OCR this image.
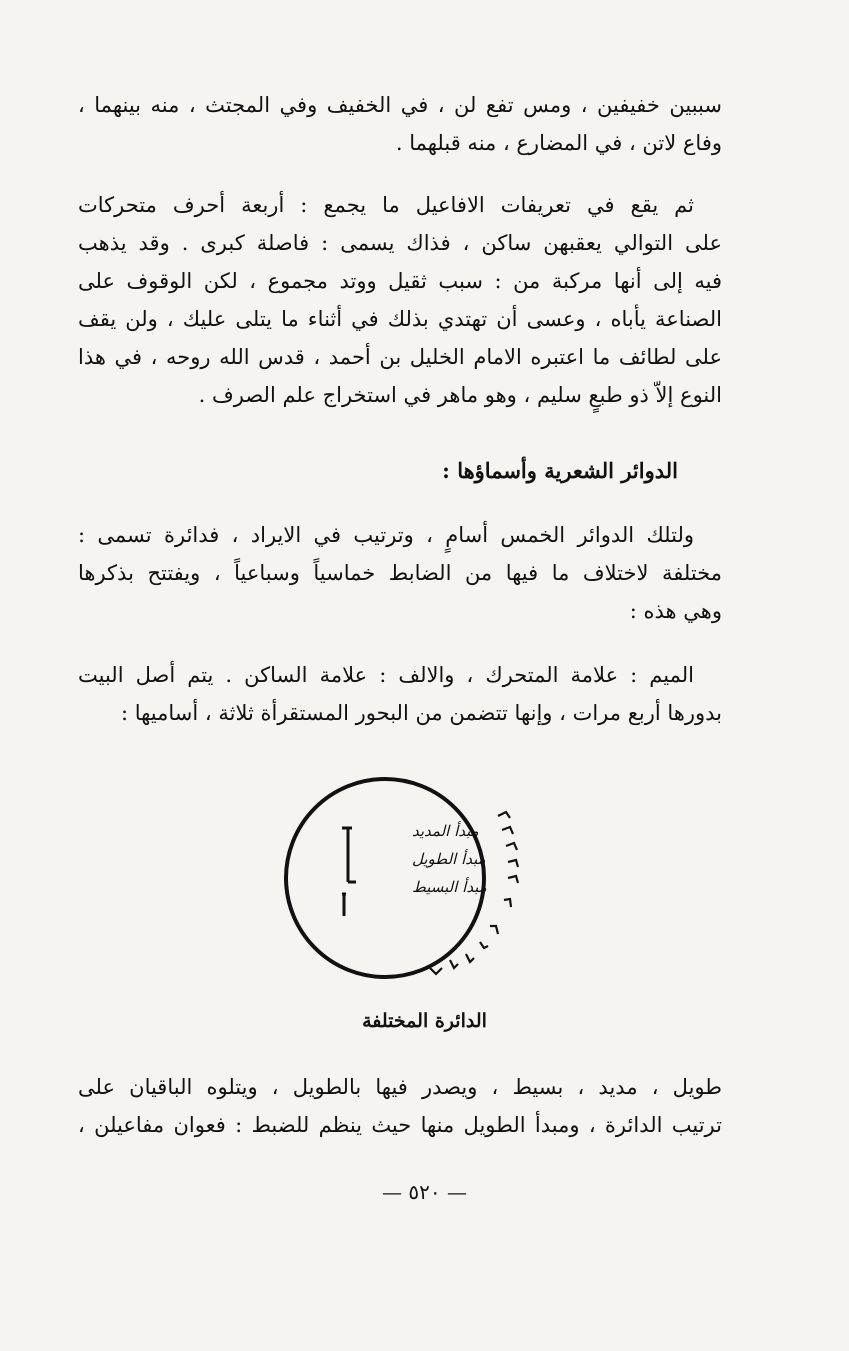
سببين خفيفين ، ومس تفع لن ، في الخفيف وفي المجتث ، منه بينهما ،
وفاع لاتن ، في المضارع ، منه قبلهما .
ثم يقع في تعريفات الافاعيل ما يجمع : أربعة أحرف متحركات
على التوالي يعقبهن ساكن ، فذاك يسمى : فاصلة كبرى . وقد يذهب
فيه إلى أنها مركبة من : سبب ثقيل ووتد مجموع ، لكن الوقوف على
الصناعة يأباه ، وعسى أن تهتدي بذلك في أثناء ما يتلى عليك ، ولن يقف
على لطائف ما اعتبره الامام الخليل بن أحمد ، قدس الله روحه ، في هذا
النوع إلاّ ذو طبعٍ سليم ، وهو ماهر في استخراج علم الصرف .
الدوائر الشعرية وأسماؤها :
ولتلك الدوائر الخمس أسامٍ ، وترتيب في الايراد ، فدائرة تسمى :
مختلفة لاختلاف ما فيها من الضابط خماسياً وسباعياً ، ويفتتح بذكرها
وهي هذه :
الميم : علامة المتحرك ، والالف : علامة الساكن . يتم أصل البيت
بدورها أربع مرات ، وإنها تتضمن من البحور المستقرأة ثلاثة ، أساميها :
مبدأ المديد
مبدأ الطويل
مبدأ البسيط
الدائرة المختلفة
طويل ، مديد ، بسيط ، ويصدر فيها بالطويل ، ويتلوه الباقيان على
ترتيب الدائرة ، ومبدأ الطويل منها حيث ينظم للضبط : فعوان مفاعيلن ،
— ٥٢٠ —
